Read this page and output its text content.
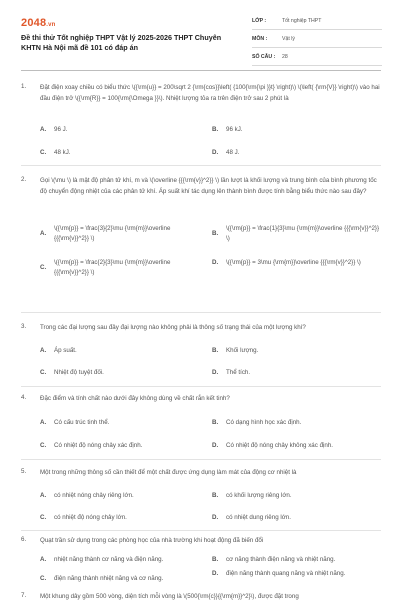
2048.vn
Đề thi thử Tốt nghiệp THPT Vật lý 2025-2026 THPT Chuyên KHTN Hà Nội mã đề 101 có đáp án
LỚP :	Tốt nghiệp THPT
MÔN :	Vật lý
SỐ CÂU :	28
1.	Đặt điện xoay chiều có biểu thức \({\rm{u}} = 200\sqrt 2 {\rm{cos}}\left( {100{\rm{\pi }}t} \right)\) \(\left( {\rm{V}} \right)\) vào hai đầu điện trở \({\rm{R}} = 100{\rm{\Omega }}\). Nhiệt lượng tỏa ra trên điện trở sau 2 phút là
A.	96 J.	B.	96 kJ.
C.	48 kJ.	D.	48 J.
2.	Gọi \(\mu \) là mật độ phân tử khí, m và \(\overline {{{\rm{v}}^2}} \) lần lượt là khối lượng và trung bình của bình phương tốc độ chuyển động nhiệt của các phân tử khí. Áp suất khí tác dụng lên thành bình được tính bằng biểu thức nào sau đây?
A.
\({\rm{p}} = \frac{3}{2}\mu {\rm{m}}\overline {{{\rm{v}}^2}} \)
B.
\({\rm{p}} = \frac{1}{3}\mu {\rm{m}}\overline {{{\rm{v}}^2}} \)
C.
\({\rm{p}} = \frac{2}{3}\mu {\rm{m}}\overline {{{\rm{v}}^2}} \)
D.	\({\rm{p}} = 3\mu {\rm{m}}\overline {{{\rm{v}}^2}} \)
3.	Trong các đại lượng sau đây đại lượng nào không phải là thông số trạng thái của một lượng khí?
A.	Áp suất.	B.	Khối lượng.
C.	Nhiệt độ tuyệt đối.	D.	Thể tích.
4.	Đặc điểm và tính chất nào dưới đây không dùng về chất rắn kết tinh?
A.	Có cấu trúc tinh thể.	B.	Có dạng hình học xác định.
C.	Có nhiệt độ nóng chảy xác định.	D.	Có nhiệt độ nóng chảy không xác định.
5.	Một trong những thông số cần thiết để một chất được ứng dụng làm mát của động cơ nhiệt là
A.	có nhiệt nóng chảy riêng lớn.	B.	có khối lượng riêng lớn.
C.	có nhiệt độ nóng chảy lớn.	D.	có nhiệt dung riêng lớn.
6.	Quạt trần sử dụng trong các phòng học của nhà trường khi hoạt động đã biến đổi
A.	nhiệt năng thành cơ năng và điện năng.	B.	cơ năng thành điện năng và nhiệt năng.
C.	điện năng thành nhiệt năng và cơ năng.
D.	điện năng thành quang năng và nhiệt năng.
7.	Một khung dây gồm 500 vòng, diện tích mỗi vòng là \(500{\rm{c}}{{\rm{m}}^2}\), được đặt trong
